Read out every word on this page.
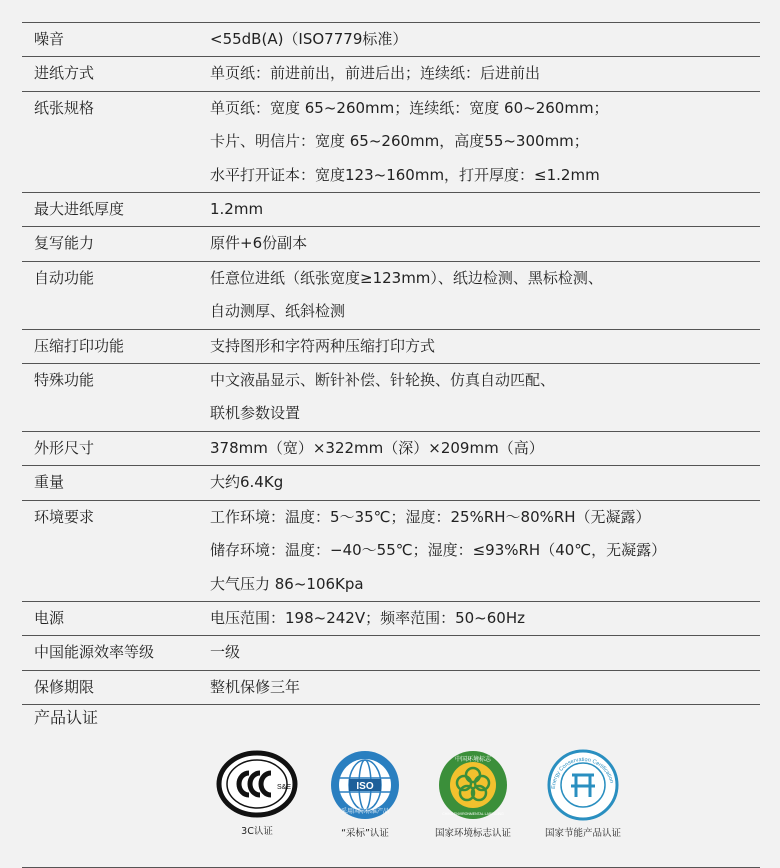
噪音	<55dB(A)（ISO7779标准）
进纸方式	单页纸：前进前出，前进后出；连续纸：后进前出
纸张规格	单页纸：宽度 65~260mm；连续纸：宽度 60~260mm；
卡片、明信片：宽度 65~260mm，高度55~300mm；
水平打开证本：宽度123~160mm，打开厚度：≤1.2mm
最大进纸厚度	1.2mm
复写能力	原件+6份副本
自动功能	任意位进纸（纸张宽度≥123mm）、纸边检测、黑标检测、
自动测厚、纸斜检测
压缩打印功能	支持图形和字符两种压缩打印方式
特殊功能	中文液晶显示、断针补偿、针轮换、仿真自动匹配、
联机参数设置
外形尺寸	378mm（宽）×322mm（深）×209mm（高）
重量	大约6.4Kg
环境要求	工作环境：温度：5～35℃；湿度：25%RH～80%RH（无凝露）
储存环境：温度：−40～55℃；湿度：≤93%RH（40℃，无凝露）
大气压力 86~106Kpa
电源	电压范围：198~242V；频率范围：50~60Hz
中国能源效率等级	一级
保修期限	整机保修三年
产品认证
S&E
3C认证
ISO
采用国际标准产品
“采标”认证
中国环境标志
CHINA ENVIRONMENTAL LABELLING
国家环境标志认证
Energy Conservation Certification
国家节能产品认证
